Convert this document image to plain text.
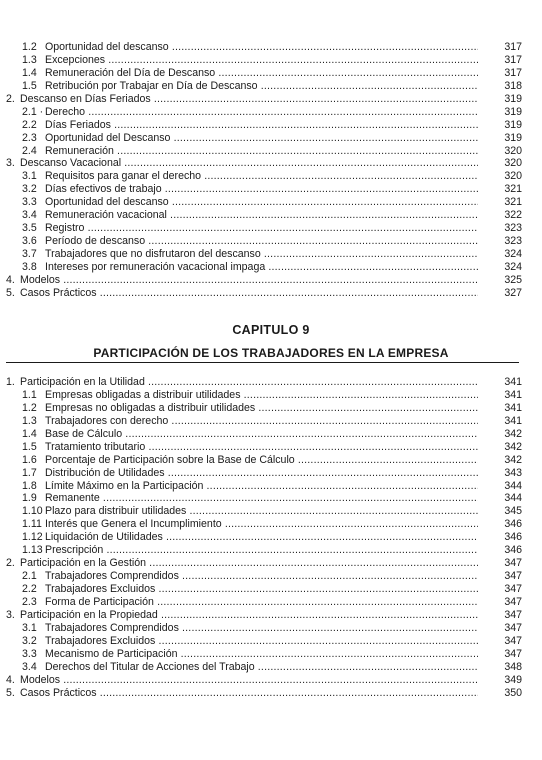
1.2 Oportunidad del descanso .....	317
1.3 Excepciones .....	317
1.4 Remuneración del Día de Descanso .....	317
1.5 Retribución por Trabajar en Día de Descanso .....	318
2. Descanso en Días Feriados .....	319
2.1 · Derecho .....	319
2.2 Días Feriados .....	319
2.3 Oportunidad del Descanso .....	319
2.4 Remuneración .....	320
3. Descanso Vacacional .....	320
3.1 Requisitos para ganar el derecho .....	320
3.2 Días efectivos de trabajo .....	321
3.3 Oportunidad del descanso .....	321
3.4 Remuneración vacacional .....	322
3.5 Registro .....	323
3.6 Período de descanso .....	323
3.7 Trabajadores que no disfrutaron del descanso .....	324
3.8 Intereses por remuneración vacacional impaga .....	324
4. Modelos .....	325
5. Casos Prácticos .....	327
CAPITULO 9
PARTICIPACIÓN DE LOS TRABAJADORES EN LA EMPRESA
1. Participación en la Utilidad .....	341
1.1 Empresas obligadas a distribuir utilidades .....	341
1.2 Empresas no obligadas a distribuir utilidades .....	341
1.3 Trabajadores con derecho .....	341
1.4 Base de Cálculo .....	342
1.5 Tratamiento tributario .....	342
1.6 Porcentaje de Participación sobre la Base de Cálculo .....	342
1.7 Distribución de Utilidades .....	343
1.8 Límite Máximo en la Participación .....	344
1.9 Remanente .....	344
1.10 Plazo para distribuir utilidades .....	345
1.11 Interés que Genera el Incumplimiento .....	346
1.12 Liquidación de Utilidades .....	346
1.13 Prescripción .....	346
2. Participación en la Gestión .....	347
2.1 Trabajadores Comprendidos .....	347
2.2 Trabajadores Excluidos .....	347
2.3 Forma de Participación .....	347
3. Participación en la Propiedad .....	347
3.1 Trabajadores Comprendidos .....	347
3.2 Trabajadores Excluidos .....	347
3.3 Mecanismo de Participación .....	347
3.4 Derechos del Titular de Acciones del Trabajo .....	348
4. Modelos .....	349
5. Casos Prácticos .....	350
